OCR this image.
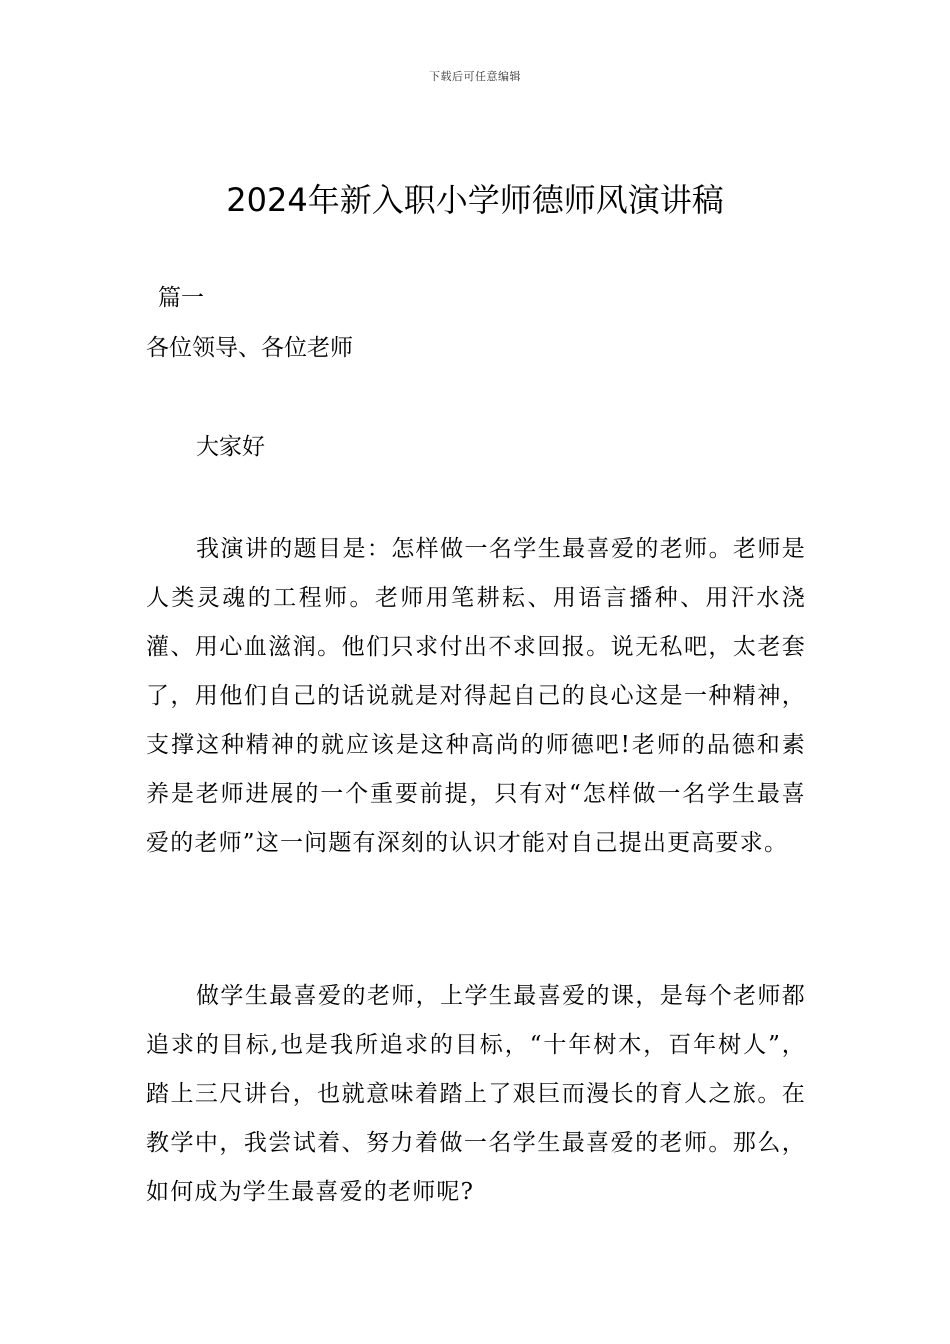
下载后可任意编辑
2024年新入职小学师德师风演讲稿
篇一
各位领导、各位老师
大家好

我演讲的题目是：怎样做一名学生最喜爱的老师。老师是人类灵魂的工程师。老师用笔耕耘、用语言播种、用汗水浇灌、用心血滋润。他们只求付出不求回报。说无私吧，太老套了，用他们自己的话说就是对得起自己的良心这是一种精神，支撑这种精神的就应该是这种高尚的师德吧!老师的品德和素养是老师进展的一个重要前提，只有对“怎样做一名学生最喜爱的老师”这一问题有深刻的认识才能对自己提出更高要求。

做学生最喜爱的老师，上学生最喜爱的课，是每个老师都追求的目标,也是我所追求的目标，“十年树木，百年树人”，踏上三尺讲台，也就意味着踏上了艰巨而漫长的育人之旅。在教学中，我尝试着、努力着做一名学生最喜爱的老师。那么，如何成为学生最喜爱的老师呢?
